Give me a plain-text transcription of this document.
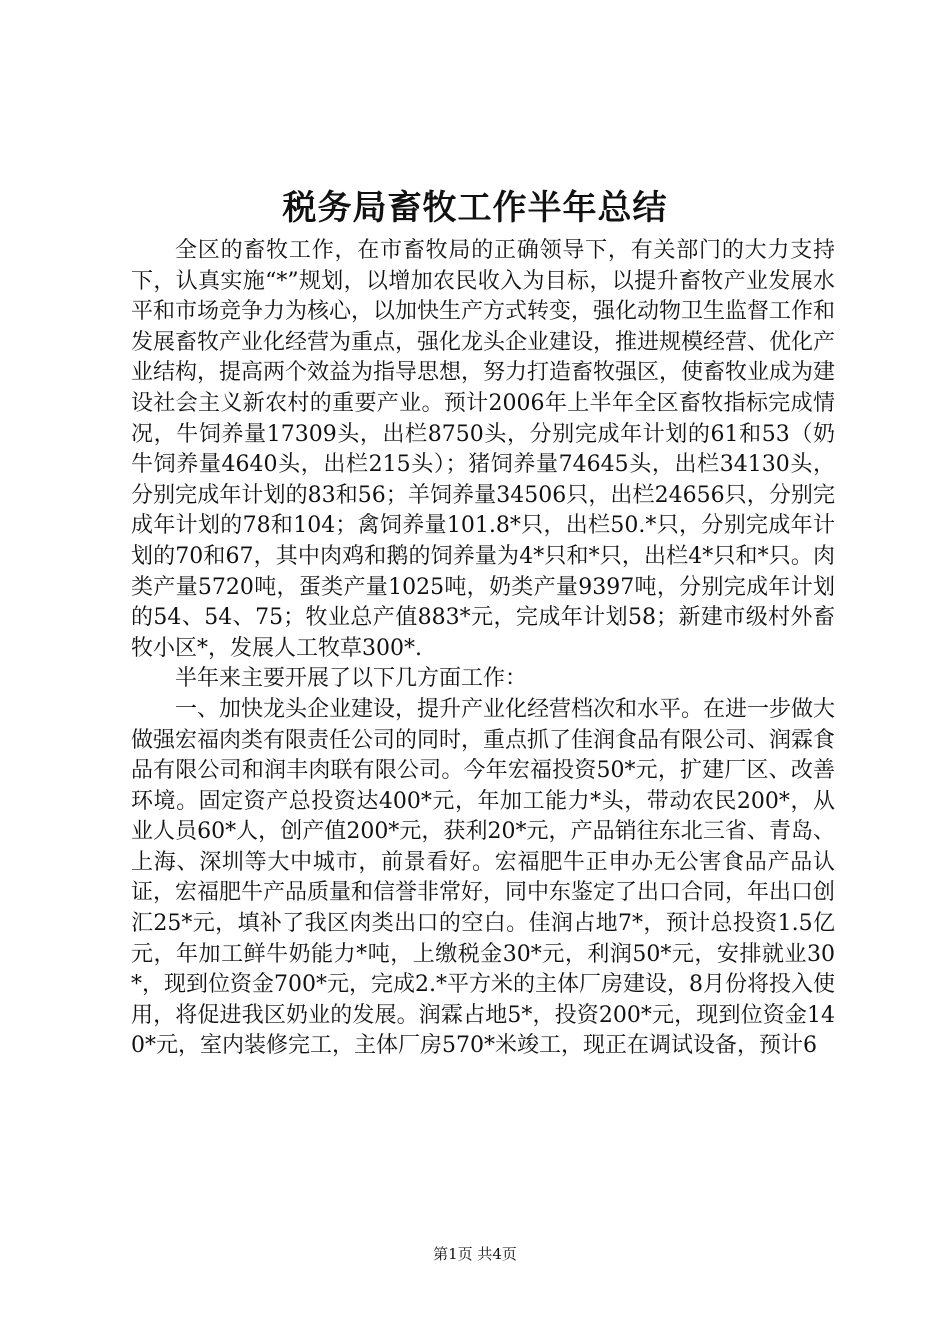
税务局畜牧工作半年总结

全区的畜牧工作，在市畜牧局的正确领导下，有关部门的大力支持下，认真实施“*”规划，以增加农民收入为目标，以提升畜牧产业发展水平和市场竞争力为核心，以加快生产方式转变，强化动物卫生监督工作和发展畜牧产业化经营为重点，强化龙头企业建设，推进规模经营、优化产业结构，提高两个效益为指导思想，努力打造畜牧强区，使畜牧业成为建设社会主义新农村的重要产业。预计2006年上半年全区畜牧指标完成情况，牛饲养量17309头，出栏8750头，分别完成年计划的61和53（奶牛饲养量4640头，出栏215头）；猪饲养量74645头，出栏34130头，分别完成年计划的83和56；羊饲养量34506只，出栏24656只，分别完成年计划的78和104；禽饲养量101.8*只，出栏50.*只，分别完成年计划的70和67，其中肉鸡和鹅的饲养量为4*只和*只，出栏4*只和*只。肉类产量5720吨，蛋类产量1025吨，奶类产量9397吨，分别完成年计划的54、54、75；牧业总产值883*元，完成年计划58；新建市级村外畜牧小区*，发展人工牧草300*.

半年来主要开展了以下几方面工作：

一、加快龙头企业建设，提升产业化经营档次和水平。在进一步做大做强宏福肉类有限责任公司的同时，重点抓了佳润食品有限公司、润霖食品有限公司和润丰肉联有限公司。今年宏福投资50*元，扩建厂区、改善环境。固定资产总投资达400*元，年加工能力*头，带动农民200*，从业人员60*人，创产值200*元，获利20*元，产品销往东北三省、青岛、上海、深圳等大中城市，前景看好。宏福肥牛正申办无公害食品产品认证，宏福肥牛产品质量和信誉非常好，同中东鉴定了出口合同，年出口创汇25*元，填补了我区肉类出口的空白。佳润占地7*，预计总投资1.5亿元，年加工鲜牛奶能力*吨，上缴税金30*元，利润50*元，安排就业30*，现到位资金700*元，完成2.*平方米的主体厂房建设，8月份将投入使用，将促进我区奶业的发展。润霖占地5*，投资200*元，现到位资金140*元，室内装修完工，主体厂房570*米竣工，现正在调试设备，预计6

第1页 共4页
